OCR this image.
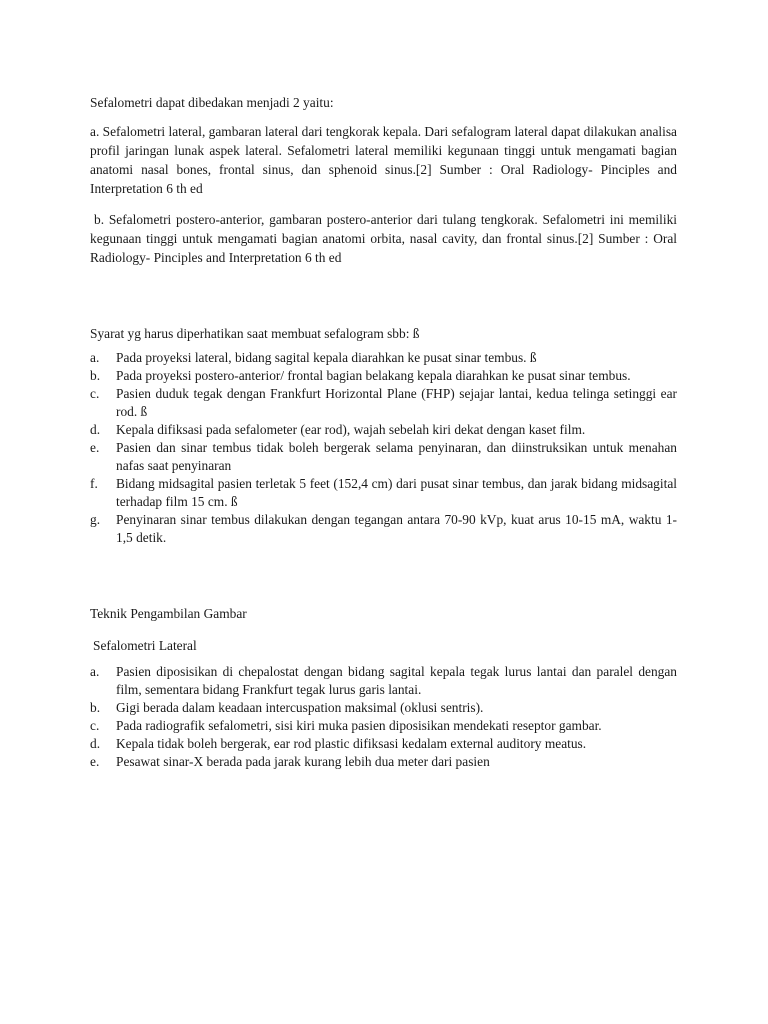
Sefalometri dapat dibedakan menjadi 2 yaitu:

a. Sefalometri lateral, gambaran lateral dari tengkorak kepala. Dari sefalogram lateral dapat dilakukan analisa profil jaringan lunak aspek lateral. Sefalometri lateral memiliki kegunaan tinggi untuk mengamati bagian anatomi nasal bones, frontal sinus, dan sphenoid sinus.[2] Sumber : Oral Radiology- Pinciples and Interpretation 6 th ed

b. Sefalometri postero-anterior, gambaran postero-anterior dari tulang tengkorak. Sefalometri ini memiliki kegunaan tinggi untuk mengamati bagian anatomi orbita, nasal cavity, dan frontal sinus.[2] Sumber : Oral Radiology- Pinciples and Interpretation 6 th ed

Syarat yg harus diperhatikan saat membuat sefalogram sbb: ß

a. Pada proyeksi lateral, bidang sagital kepala diarahkan ke pusat sinar tembus. ß
b. Pada proyeksi postero-anterior/ frontal bagian belakang kepala diarahkan ke pusat sinar tembus.
c. Pasien duduk tegak dengan Frankfurt Horizontal Plane (FHP) sejajar lantai, kedua telinga setinggi ear rod. ß
d. Kepala difiksasi pada sefalometer (ear rod), wajah sebelah kiri dekat dengan kaset film.
e. Pasien dan sinar tembus tidak boleh bergerak selama penyinaran, dan diinstruksikan untuk menahan nafas saat penyinaran
f. Bidang midsagital pasien terletak 5 feet (152,4 cm) dari pusat sinar tembus, dan jarak bidang midsagital terhadap film 15 cm. ß
g. Penyinaran sinar tembus dilakukan dengan tegangan antara 70-90 kVp, kuat arus 10-15 mA, waktu 1-1,5 detik.

Teknik Pengambilan Gambar

Sefalometri Lateral

a. Pasien diposisikan di chepalostat dengan bidang sagital kepala tegak lurus lantai dan paralel dengan film, sementara bidang Frankfurt tegak lurus garis lantai.
b. Gigi berada dalam keadaan intercuspation maksimal (oklusi sentris).
c. Pada radiografik sefalometri, sisi kiri muka pasien diposisikan mendekati reseptor gambar.
d. Kepala tidak boleh bergerak, ear rod plastic difiksasi kedalam external auditory meatus.
e. Pesawat sinar-X berada pada jarak kurang lebih dua meter dari pasien
